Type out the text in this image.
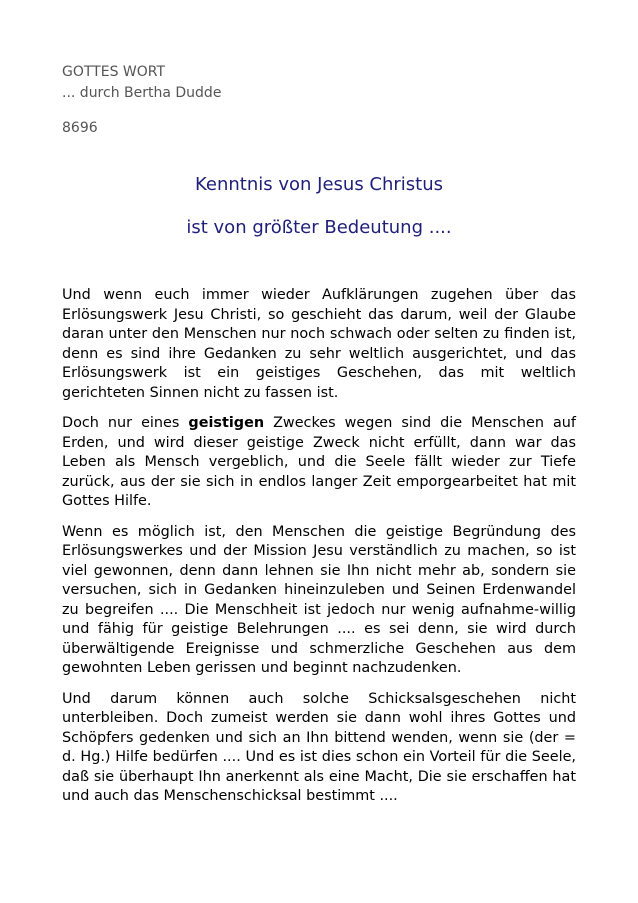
GOTTES WORT

... durch Bertha Dudde

8696

Kenntnis von Jesus Christus

ist von größter Bedeutung ....

Und wenn euch immer wieder Aufklärungen zugehen über das Erlösungswerk Jesu Christi, so geschieht das darum, weil der Glaube daran unter den Menschen nur noch schwach oder selten zu finden ist, denn es sind ihre Gedanken zu sehr weltlich ausgerichtet, und das Erlösungswerk ist ein geistiges Geschehen, das mit weltlich gerichteten Sinnen nicht zu fassen ist.

Doch nur eines geistigen Zweckes wegen sind die Menschen auf Erden, und wird dieser geistige Zweck nicht erfüllt, dann war das Leben als Mensch vergeblich, und die Seele fällt wieder zur Tiefe zurück, aus der sie sich in endlos langer Zeit emporgearbeitet hat mit Gottes Hilfe.

Wenn es möglich ist, den Menschen die geistige Begründung des Erlösungswerkes und der Mission Jesu verständlich zu machen, so ist viel gewonnen, denn dann lehnen sie Ihn nicht mehr ab, sondern sie versuchen, sich in Gedanken hineinzuleben und Seinen Erdenwandel zu begreifen .... Die Menschheit ist jedoch nur wenig aufnahme-willig und fähig für geistige Belehrungen .... es sei denn, sie wird durch überwältigende Ereignisse und schmerzliche Geschehen aus dem gewohnten Leben gerissen und beginnt nachzudenken.

Und darum können auch solche Schicksalsgeschehen nicht unterbleiben. Doch zumeist werden sie dann wohl ihres Gottes und Schöpfers gedenken und sich an Ihn bittend wenden, wenn sie (der = d. Hg.) Hilfe bedürfen .... Und es ist dies schon ein Vorteil für die Seele, daß sie überhaupt Ihn anerkennt als eine Macht, Die sie erschaffen hat und auch das Menschenschicksal bestimmt ....
